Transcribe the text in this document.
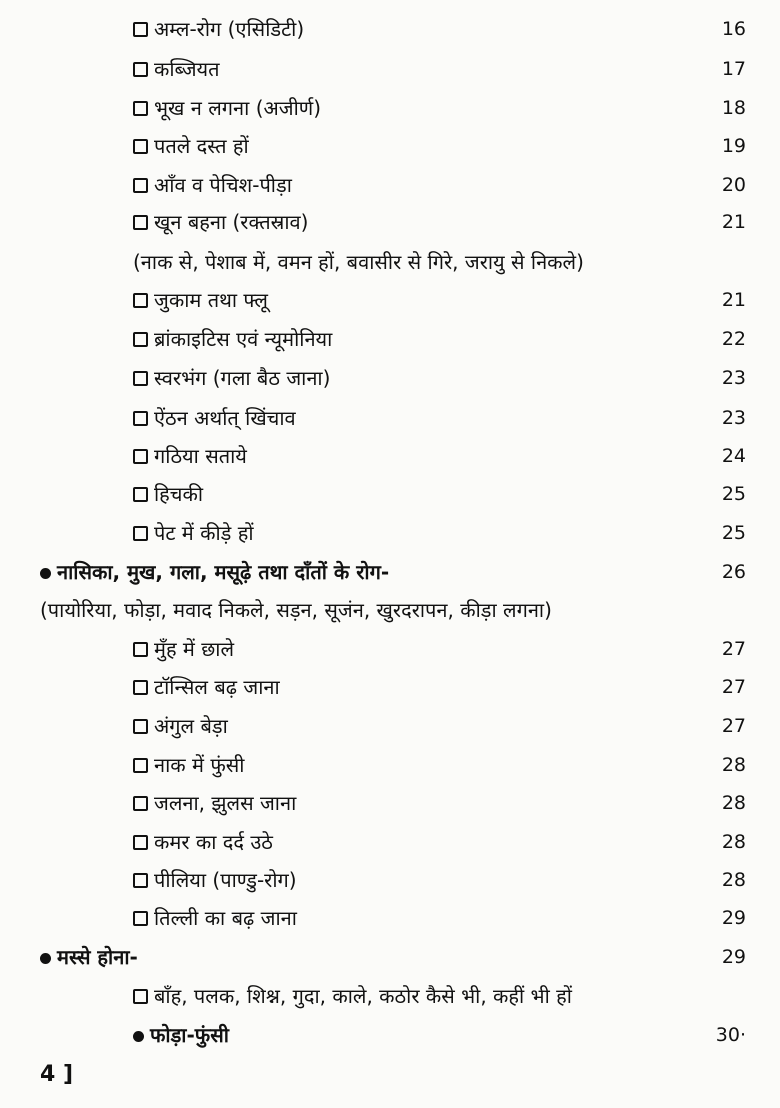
अम्ल-रोग (एसिडिटी)	16
कब्जियत	17
भूख न लगना (अजीर्ण)	18
पतले दस्त हों	19
आँव व पेचिश-पीड़ा	20
खून बहना (रक्तस्राव)	21
(नाक से, पेशाब में, वमन हों, बवासीर से गिरे, जरायु से निकले)
जुकाम तथा फ्लू	21
ब्रांकाइटिस एवं न्यूमोनिया	22
स्वरभंग (गला बैठ जाना)	23
ऐंठन अर्थात् खिंचाव	23
गठिया सताये	24
हिचकी	25
पेट में कीड़े हों	25
नासिका, मुख, गला, मसूढ़े तथा दाँतों के रोग-	26
(पायोरिया, फोड़ा, मवाद निकले, सड़न, सूजंन, खुरदरापन, कीड़ा लगना)
मुँह में छाले	27
टॉन्सिल बढ़ जाना	27
अंगुल बेड़ा	27
नाक में फुंसी	28
जलना, झुलस जाना	28
कमर का दर्द उठे	28
पीलिया (पाण्डु-रोग)	28
तिल्ली का बढ़ जाना	29
मस्से होना-	29
बाँह, पलक, शिश्न, गुदा, काले, कठोर कैसे भी, कहीं भी हों
फोड़ा-फुंसी	30·
4 ]
